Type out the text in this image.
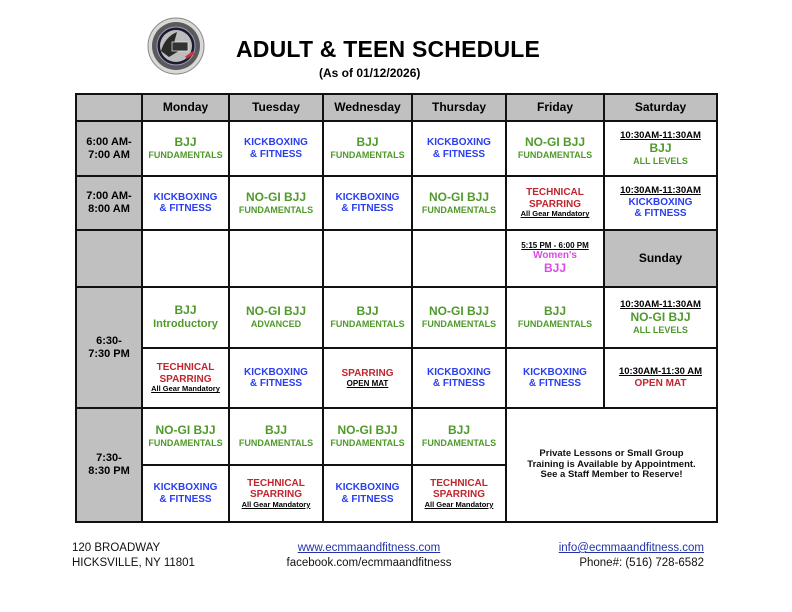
ADULT & TEEN SCHEDULE
(As of 01/12/2026)
	Monday	Tuesday	Wednesday	Thursday	Friday	Saturday
6:00 AM-
7:00 AM	BJJ
FUNDAMENTALS	KICKBOXING
& FITNESS	BJJ
FUNDAMENTALS	KICKBOXING
& FITNESS	NO-GI BJJ
FUNDAMENTALS	10:30AM-11:30AM
BJJ
ALL LEVELS

7:00 AM-
8:00 AM	KICKBOXING
& FITNESS	NO-GI BJJ
FUNDAMENTALS	KICKBOXING
& FITNESS	NO-GI BJJ
FUNDAMENTALS	TECHNICAL
SPARRING
All Gear Mandatory	10:30AM-11:30AM
KICKBOXING
& FITNESS

					5:15 PM - 6:00 PM
Women's
BJJ	Sunday
6:30-
7:30 PM	BJJ
Introductory	NO-GI BJJ
ADVANCED	BJJ
FUNDAMENTALS	NO-GI BJJ
FUNDAMENTALS	BJJ
FUNDAMENTALS	10:30AM-11:30AM
NO-GI BJJ
ALL LEVELS

	TECHNICAL
SPARRING
All Gear Mandatory	KICKBOXING
& FITNESS	SPARRING
OPEN MAT	KICKBOXING
& FITNESS	KICKBOXING
& FITNESS	10:30AM-11:30 AM
OPEN MAT

7:30-
8:30 PM	NO-GI BJJ
FUNDAMENTALS	BJJ
FUNDAMENTALS	NO-GI BJJ
FUNDAMENTALS	BJJ
FUNDAMENTALS	Private Lessons or Small Group
Training is Available by Appointment.
See a Staff Member to Reserve!	

	KICKBOXING
& FITNESS	TECHNICAL
SPARRING
All Gear Mandatory	KICKBOXING
& FITNESS	TECHNICAL
SPARRING
All Gear Mandatory		
120 BROADWAY
HICKSVILLE, NY 11801
www.ecmmaandfitness.com
facebook.com/ecmmaandfitness
info@ecmmaandfitness.com
Phone#: (516) 728-6582
